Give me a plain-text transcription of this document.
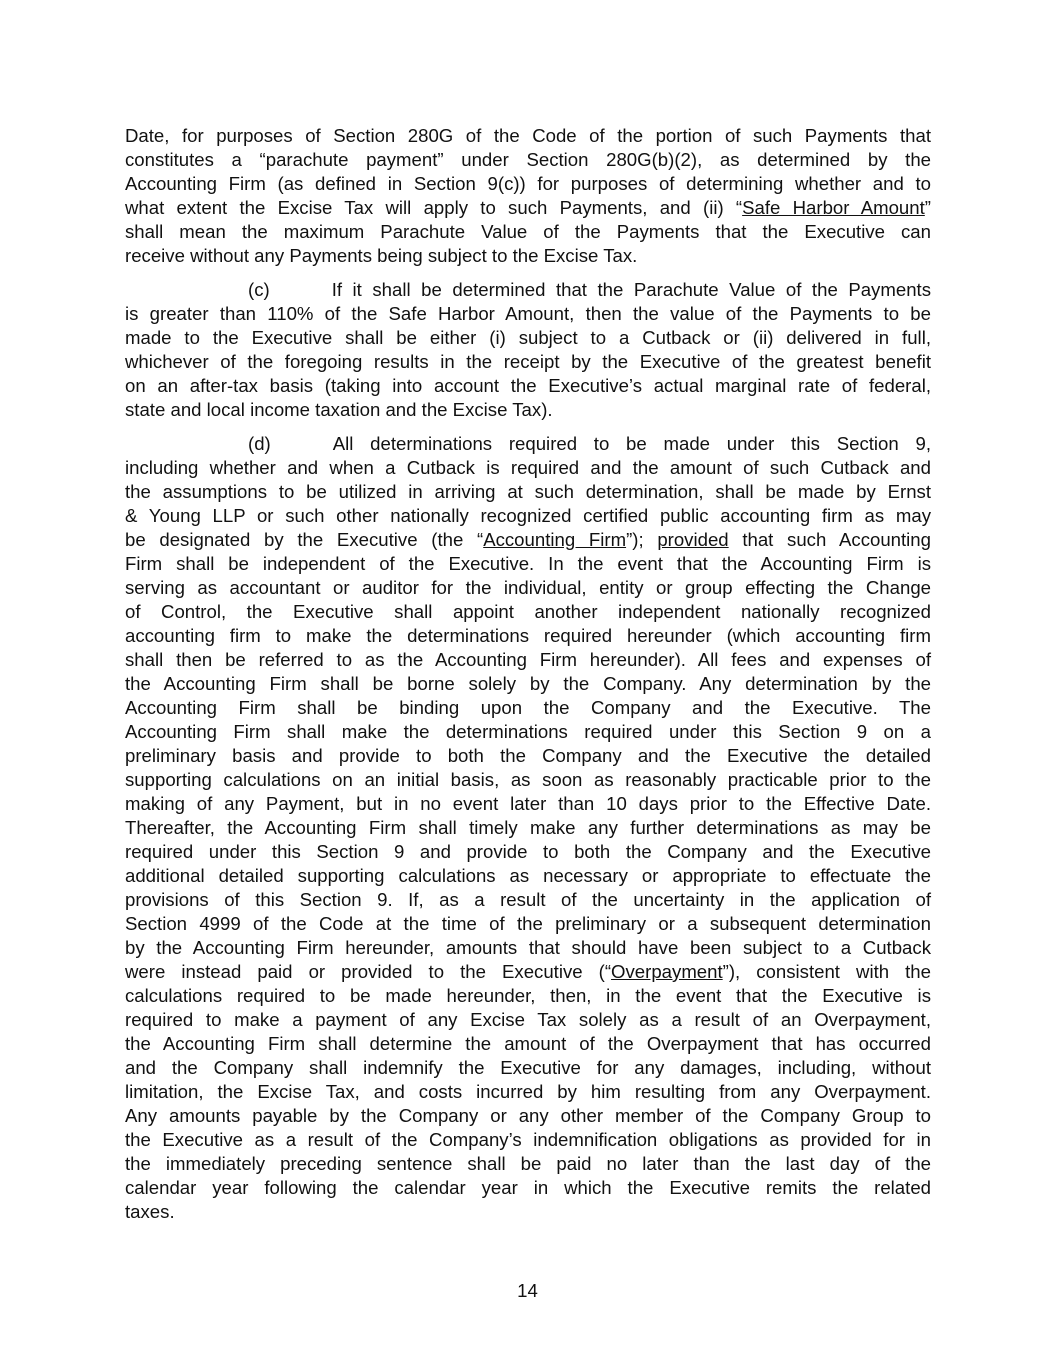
Date, for purposes of Section 280G of the Code of the portion of such Payments that
constitutes a “parachute payment” under Section 280G(b)(2), as determined by the
Accounting Firm (as defined in Section 9(c)) for purposes of determining whether and to
what extent the Excise Tax will apply to such Payments, and (ii) “Safe Harbor Amount”
shall mean the maximum Parachute Value of the Payments that the Executive can
receive without any Payments being subject to the Excise Tax.
(c)	If it shall be determined that the Parachute Value of the Payments
is greater than 110% of the Safe Harbor Amount, then the value of the Payments to be
made to the Executive shall be either (i) subject to a Cutback or (ii) delivered in full,
whichever of the foregoing results in the receipt by the Executive of the greatest benefit
on an after-tax basis (taking into account the Executive’s actual marginal rate of federal,
state and local income taxation and the Excise Tax).
(d)	All determinations required to be made under this Section 9,
including whether and when a Cutback is required and the amount of such Cutback and
the assumptions to be utilized in arriving at such determination, shall be made by Ernst
& Young LLP or such other nationally recognized certified public accounting firm as may
be designated by the Executive (the “Accounting Firm”); provided that such Accounting
Firm shall be independent of the Executive. In the event that the Accounting Firm is
serving as accountant or auditor for the individual, entity or group effecting the Change
of Control, the Executive shall appoint another independent nationally recognized
accounting firm to make the determinations required hereunder (which accounting firm
shall then be referred to as the Accounting Firm hereunder). All fees and expenses of
the Accounting Firm shall be borne solely by the Company. Any determination by the
Accounting Firm shall be binding upon the Company and the Executive. The
Accounting Firm shall make the determinations required under this Section 9 on a
preliminary basis and provide to both the Company and the Executive the detailed
supporting calculations on an initial basis, as soon as reasonably practicable prior to the
making of any Payment, but in no event later than 10 days prior to the Effective Date.
Thereafter, the Accounting Firm shall timely make any further determinations as may be
required under this Section 9 and provide to both the Company and the Executive
additional detailed supporting calculations as necessary or appropriate to effectuate the
provisions of this Section 9. If, as a result of the uncertainty in the application of
Section 4999 of the Code at the time of the preliminary or a subsequent determination
by the Accounting Firm hereunder, amounts that should have been subject to a Cutback
were instead paid or provided to the Executive (“Overpayment”), consistent with the
calculations required to be made hereunder, then, in the event that the Executive is
required to make a payment of any Excise Tax solely as a result of an Overpayment,
the Accounting Firm shall determine the amount of the Overpayment that has occurred
and the Company shall indemnify the Executive for any damages, including, without
limitation, the Excise Tax, and costs incurred by him resulting from any Overpayment.
Any amounts payable by the Company or any other member of the Company Group to
the Executive as a result of the Company’s indemnification obligations as provided for in
the immediately preceding sentence shall be paid no later than the last day of the
calendar year following the calendar year in which the Executive remits the related
taxes.
14
